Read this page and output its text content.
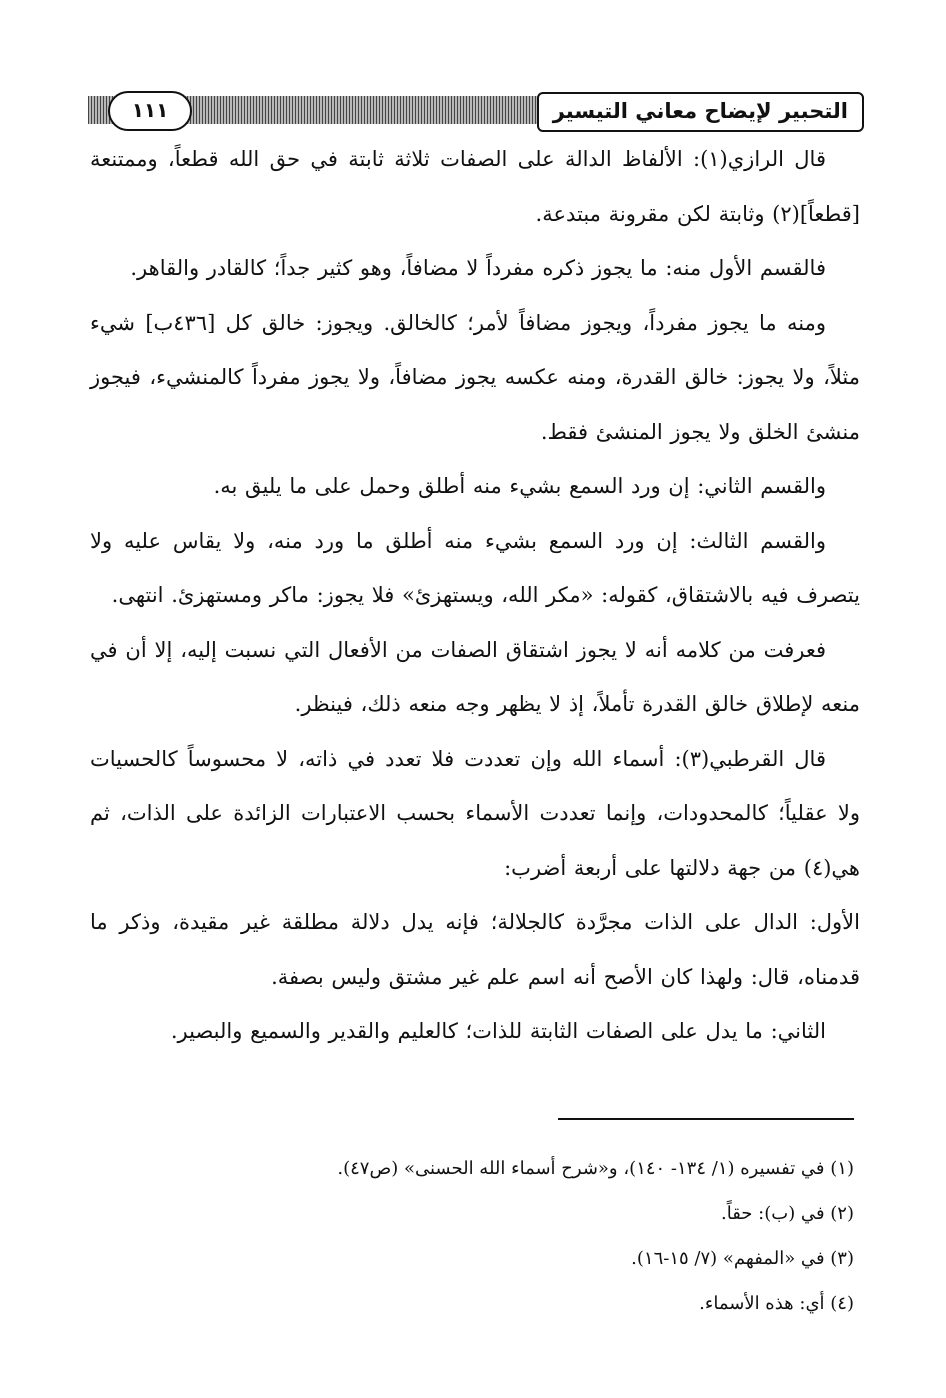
التحبير لإيضاح معاني التيسير
١١١

قال الرازي(١): الألفاظ الدالة على الصفات ثلاثة ثابتة في حق الله قطعاً، وممتنعة [قطعاً](٢) وثابتة لكن مقرونة مبتدعة.

فالقسم الأول منه: ما يجوز ذكره مفرداً لا مضافاً، وهو كثير جداً؛ كالقادر والقاهر.

ومنه ما يجوز مفرداً، ويجوز مضافاً لأمر؛ كالخالق. ويجوز: خالق كل [٤٣٦ب] شيء مثلاً، ولا يجوز: خالق القدرة، ومنه عكسه يجوز مضافاً، ولا يجوز مفرداً كالمنشيء، فيجوز منشئ الخلق ولا يجوز المنشئ فقط.

والقسم الثاني: إن ورد السمع بشيء منه أطلق وحمل على ما يليق به.

والقسم الثالث: إن ورد السمع بشيء منه أطلق ما ورد منه، ولا يقاس عليه ولا يتصرف فيه بالاشتقاق، كقوله: «مكر الله، ويستهزئ» فلا يجوز: ماكر ومستهزئ. انتهى.

فعرفت من كلامه أنه لا يجوز اشتقاق الصفات من الأفعال التي نسبت إليه، إلا أن في منعه لإطلاق خالق القدرة تأملاً، إذ لا يظهر وجه منعه ذلك، فينظر.

قال القرطبي(٣): أسماء الله وإن تعددت فلا تعدد في ذاته، لا محسوساً كالحسيات ولا عقلياً؛ كالمحدودات، وإنما تعددت الأسماء بحسب الاعتبارات الزائدة على الذات، ثم هي(٤) من جهة دلالتها على أربعة أضرب:

الأول: الدال على الذات مجرَّدة كالجلالة؛ فإنه يدل دلالة مطلقة غير مقيدة، وذكر ما قدمناه، قال: ولهذا كان الأصح أنه اسم علم غير مشتق وليس بصفة.

الثاني: ما يدل على الصفات الثابتة للذات؛ كالعليم والقدير والسميع والبصير.

(١) في تفسيره (١/ ١٣٤- ١٤٠)، و«شرح أسماء الله الحسنى» (ص٤٧).

(٢) في (ب): حقاً.

(٣) في «المفهم» (٧/ ١٥-١٦).

(٤) أي: هذه الأسماء.
